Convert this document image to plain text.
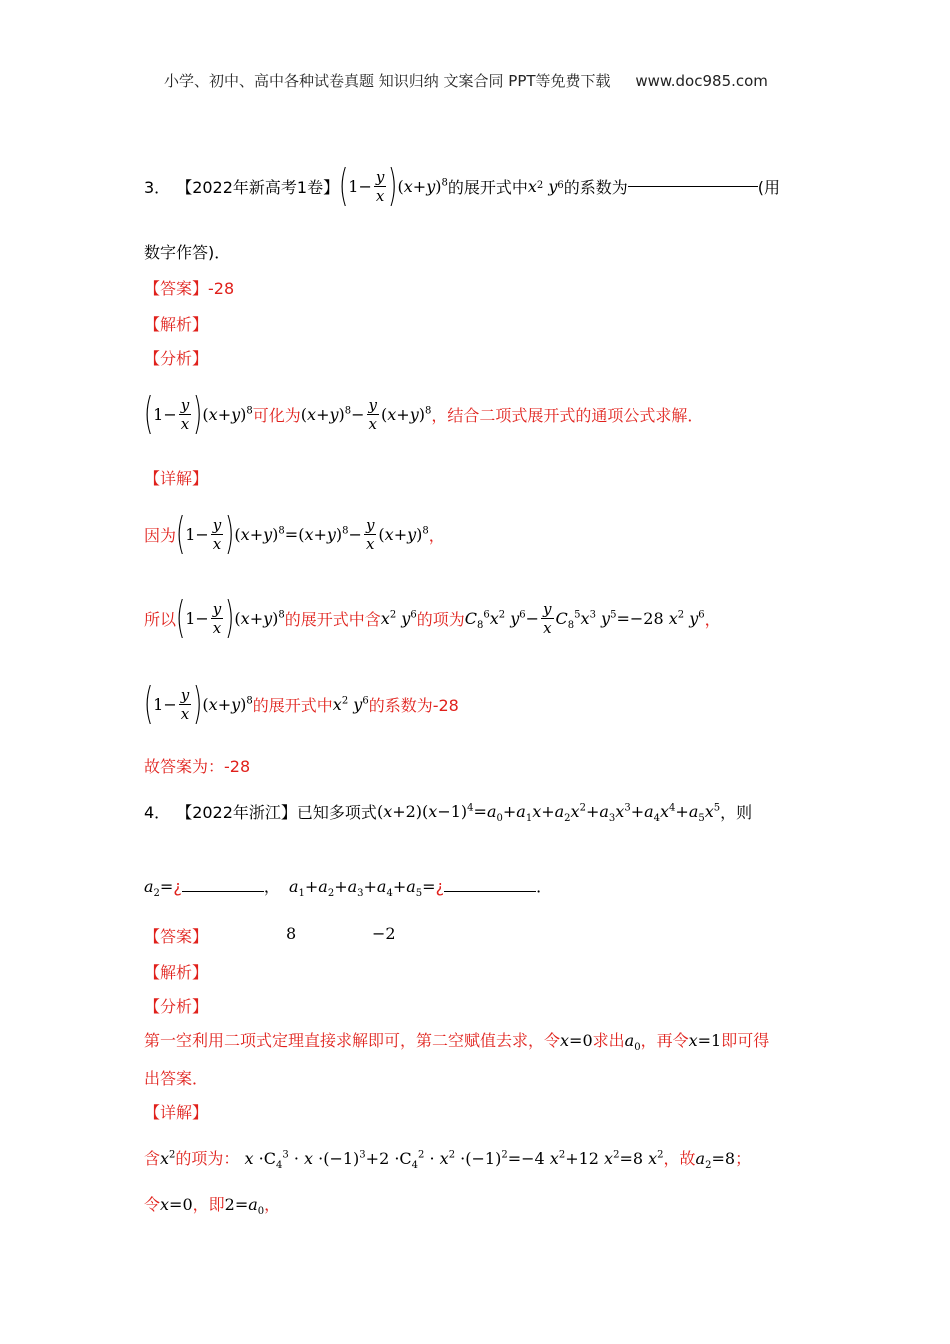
小学、初中、高中各种试卷真题 知识归纳 文案合同 PPT等免费下载 www.doc985.com
3． 【2022年新高考1卷】 ( $1- \frac{y}{x}$ ) $(x+y)^8$ 的展开式中 x 2 y 6 的系数为	(用
数字作答)．
【答案】-28
【解析】
【分析】
( $1- \frac{y}{x}$ ) $(x+y)^8$ 可化为 $(x+y)^8- \frac{y}{x} (x+y)^8$ ，结合二项式展开式的通项公式求解．
【详解】
因为 ( $1- \frac{y}{x}$ ) $(x+y)^8=(x+y)^8- \frac{y}{x} (x+y)^8$ ，
所以 ( $1- \frac{y}{x}$ ) $(x+y)^8$ 的展开式中含 $x^2$ $y^6$ 的项为 $C_8^6x^2$ $y^6- \frac{y}{x} C_8^5x^3$ $y^5=-28$ $x^2$ $y^6$ ，
( $1- \frac{y}{x}$ ) $(x+y)^8$ 的展开式中 $x^2$ $y^6$ 的系数为-28
故答案为：-28
4． 【2022年浙江】 已知多项式 $(x+2)(x-1)^4=a_0+a_1x+a_2x^2+a_3x^3+a_4x^4+a_5x^5$ ，则
$a_2=¿$	， $a_1+a_2+a_3+a_4+a_5=¿$	．
【答案】	8	−2
【解析】
【分析】
第一空利用二项式定理直接求解即可，第二空赋值去求，令x=0求出$a_0$，再令x=1即可得
出答案．
【详解】
含$x^2$的项为： $x \cdot C_4^3 \cdot x \cdot(-1)^3+2 \cdot C_4^2 \cdot x^2 \cdot(-1)^2=-4$ $x^2+12$ $x^2=8$ $x^2$，故$a_2=8$；
令x=0，即$2=a_0$，
